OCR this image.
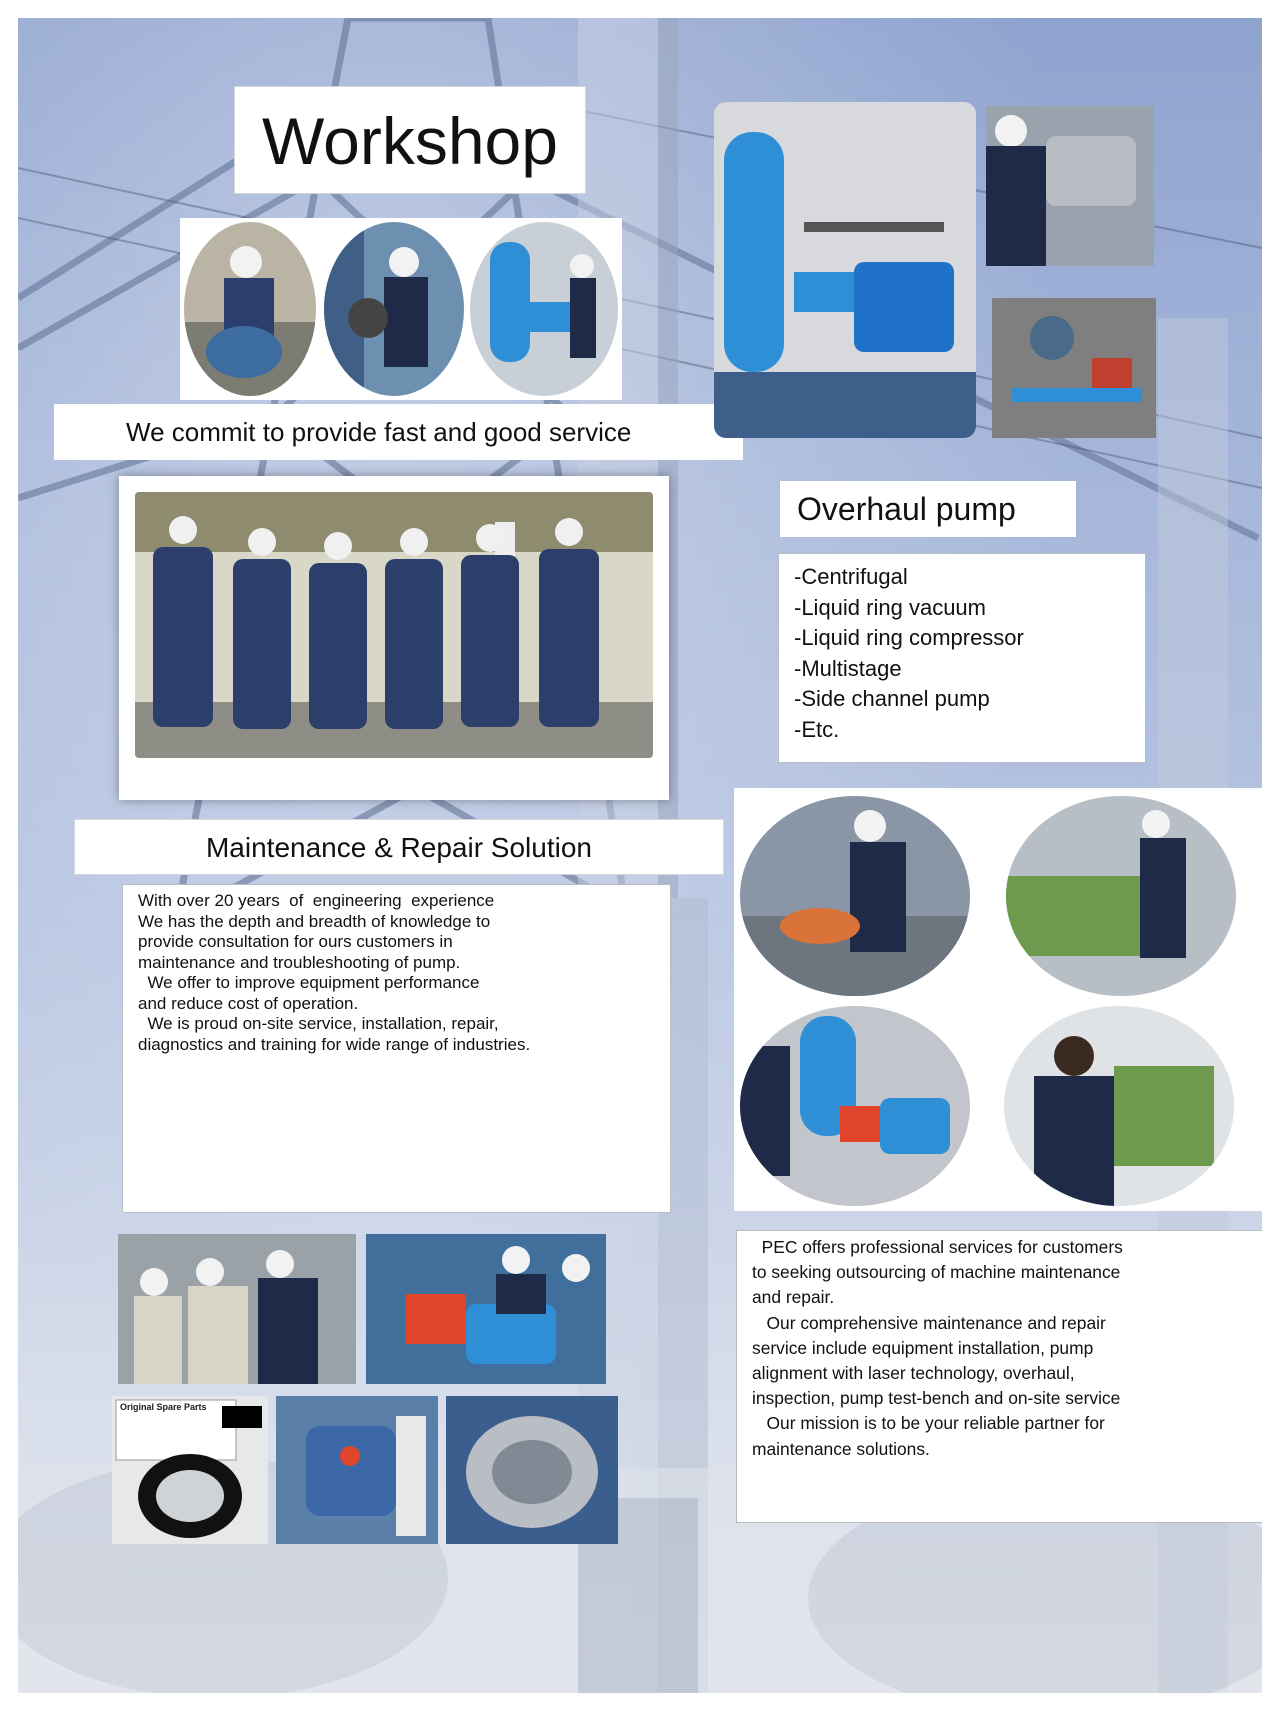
Workshop
We commit to provide fast and good service
Overhaul pump
-Centrifugal
-Liquid ring vacuum
-Liquid ring compressor
-Multistage
-Side channel pump
-Etc.
Maintenance & Repair Solution
With over 20 years  of  engineering  experience
We has the depth and breadth of knowledge to
provide consultation for ours customers in
maintenance and troubleshooting of pump.
We offer to improve equipment performance
and reduce cost of operation.
We is proud on-site service, installation, repair,
diagnostics and training for wide range of industries.
Original Spare Parts
PEC offers professional services for customers
to seeking outsourcing of machine maintenance
and repair.
Our comprehensive maintenance and repair
service include equipment installation, pump
alignment with laser technology, overhaul,
inspection, pump test-bench and on-site service
Our mission is to be your reliable partner for
maintenance solutions.
